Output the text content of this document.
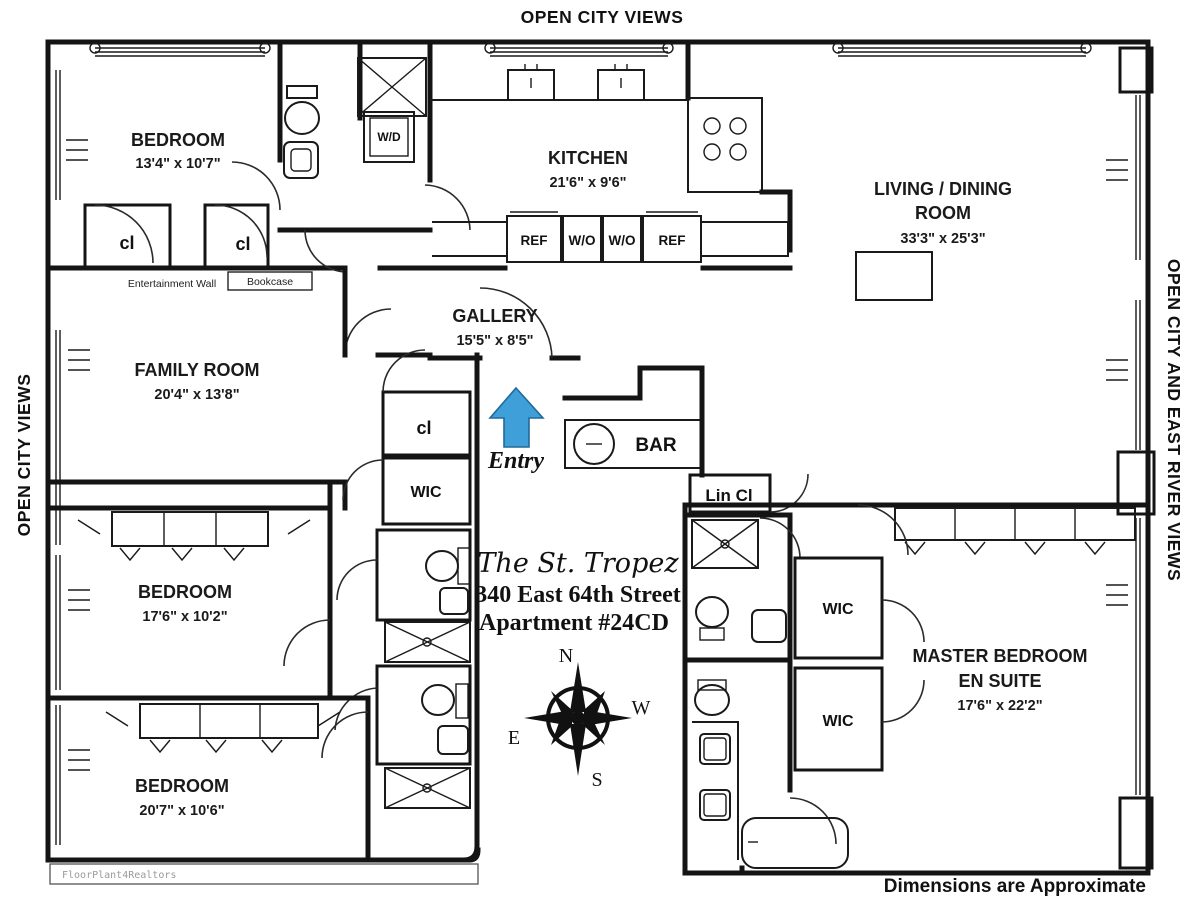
OPEN CITY VIEWS
OPEN CITY VIEWS	OPEN CITY AND EAST RIVER VIEWS
Dimensions are Approximate
FloorPlant4Realtors
BEDROOM
13'4" x 10'7"
cl	cl
Entertainment Wall	Bookcase
W/D
REF W/O W/O REF
KITCHEN
21'6" x 9'6"	LIVING / DINING
ROOM
33'3" x 25'3"
FAMILY ROOM
20'4" x 13'8"
GALLERY
15'5" x 8'5"
Entry
BAR
Lin Cl
cl
WIC
BEDROOM
17'6" x 10'2"
BEDROOM
20'7" x 10'6"
The St. Tropez
340 East 64th Street
Apartment #24CD
N
E
S
W
WIC
WIC
MASTER BEDROOM
EN SUITE
17'6" x 22'2"
